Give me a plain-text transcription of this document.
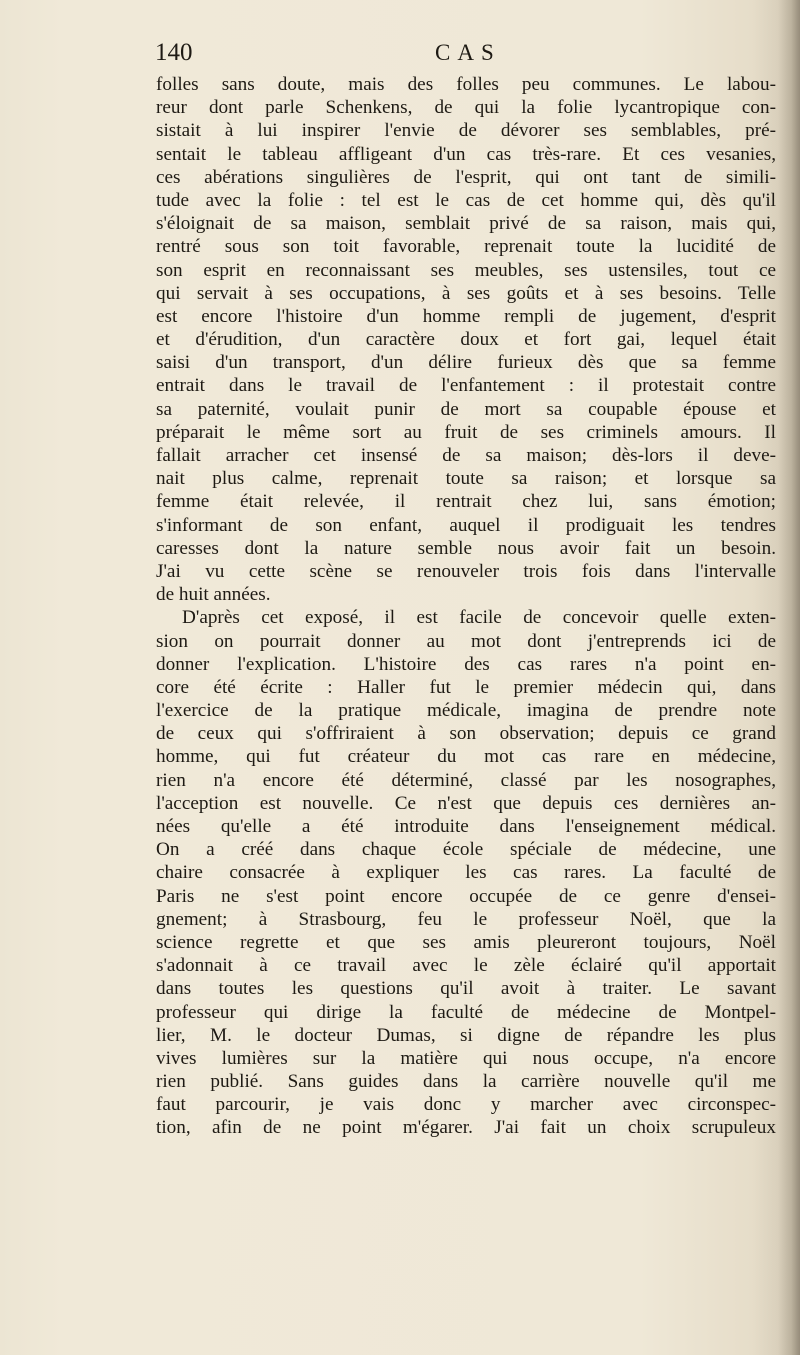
140	CAS
folles sans doute, mais des folles peu communes. Le labou-
reur dont parle Schenkens, de qui la folie lycantropique con-
sistait à lui inspirer l'envie de dévorer ses semblables, pré-
sentait le tableau affligeant d'un cas très-rare. Et ces vesanies,
ces abérations singulières de l'esprit, qui ont tant de simili-
tude avec la folie : tel est le cas de cet homme qui, dès qu'il
s'éloignait de sa maison, semblait privé de sa raison, mais qui,
rentré sous son toit favorable, reprenait toute la lucidité de
son esprit en reconnaissant ses meubles, ses ustensiles, tout ce
qui servait à ses occupations, à ses goûts et à ses besoins. Telle
est encore l'histoire d'un homme rempli de jugement, d'esprit
et d'érudition, d'un caractère doux et fort gai, lequel était
saisi d'un transport, d'un délire furieux dès que sa femme
entrait dans le travail de l'enfantement : il protestait contre
sa paternité, voulait punir de mort sa coupable épouse et
préparait le même sort au fruit de ses criminels amours. Il
fallait arracher cet insensé de sa maison; dès-lors il deve-
nait plus calme, reprenait toute sa raison; et lorsque sa
femme était relevée, il rentrait chez lui, sans émotion;
s'informant de son enfant, auquel il prodiguait les tendres
caresses dont la nature semble nous avoir fait un besoin.
J'ai vu cette scène se renouveler trois fois dans l'intervalle
de huit années.
D'après cet exposé, il est facile de concevoir quelle exten-
sion on pourrait donner au mot dont j'entreprends ici de
donner l'explication. L'histoire des cas rares n'a point en-
core été écrite : Haller fut le premier médecin qui, dans
l'exercice de la pratique médicale, imagina de prendre note
de ceux qui s'offriraient à son observation; depuis ce grand
homme, qui fut créateur du mot cas rare en médecine,
rien n'a encore été déterminé, classé par les nosographes,
l'acception est nouvelle. Ce n'est que depuis ces dernières an-
nées qu'elle a été introduite dans l'enseignement médical.
On a créé dans chaque école spéciale de médecine, une
chaire consacrée à expliquer les cas rares. La faculté de
Paris ne s'est point encore occupée de ce genre d'ensei-
gnement; à Strasbourg, feu le professeur Noël, que la
science regrette et que ses amis pleureront toujours, Noël
s'adonnait à ce travail avec le zèle éclairé qu'il apportait
dans toutes les questions qu'il avoit à traiter. Le savant
professeur qui dirige la faculté de médecine de Montpel-
lier, M. le docteur Dumas, si digne de répandre les plus
vives lumières sur la matière qui nous occupe, n'a encore
rien publié. Sans guides dans la carrière nouvelle qu'il me
faut parcourir, je vais donc y marcher avec circonspec-
tion, afin de ne point m'égarer. J'ai fait un choix scrupuleux
